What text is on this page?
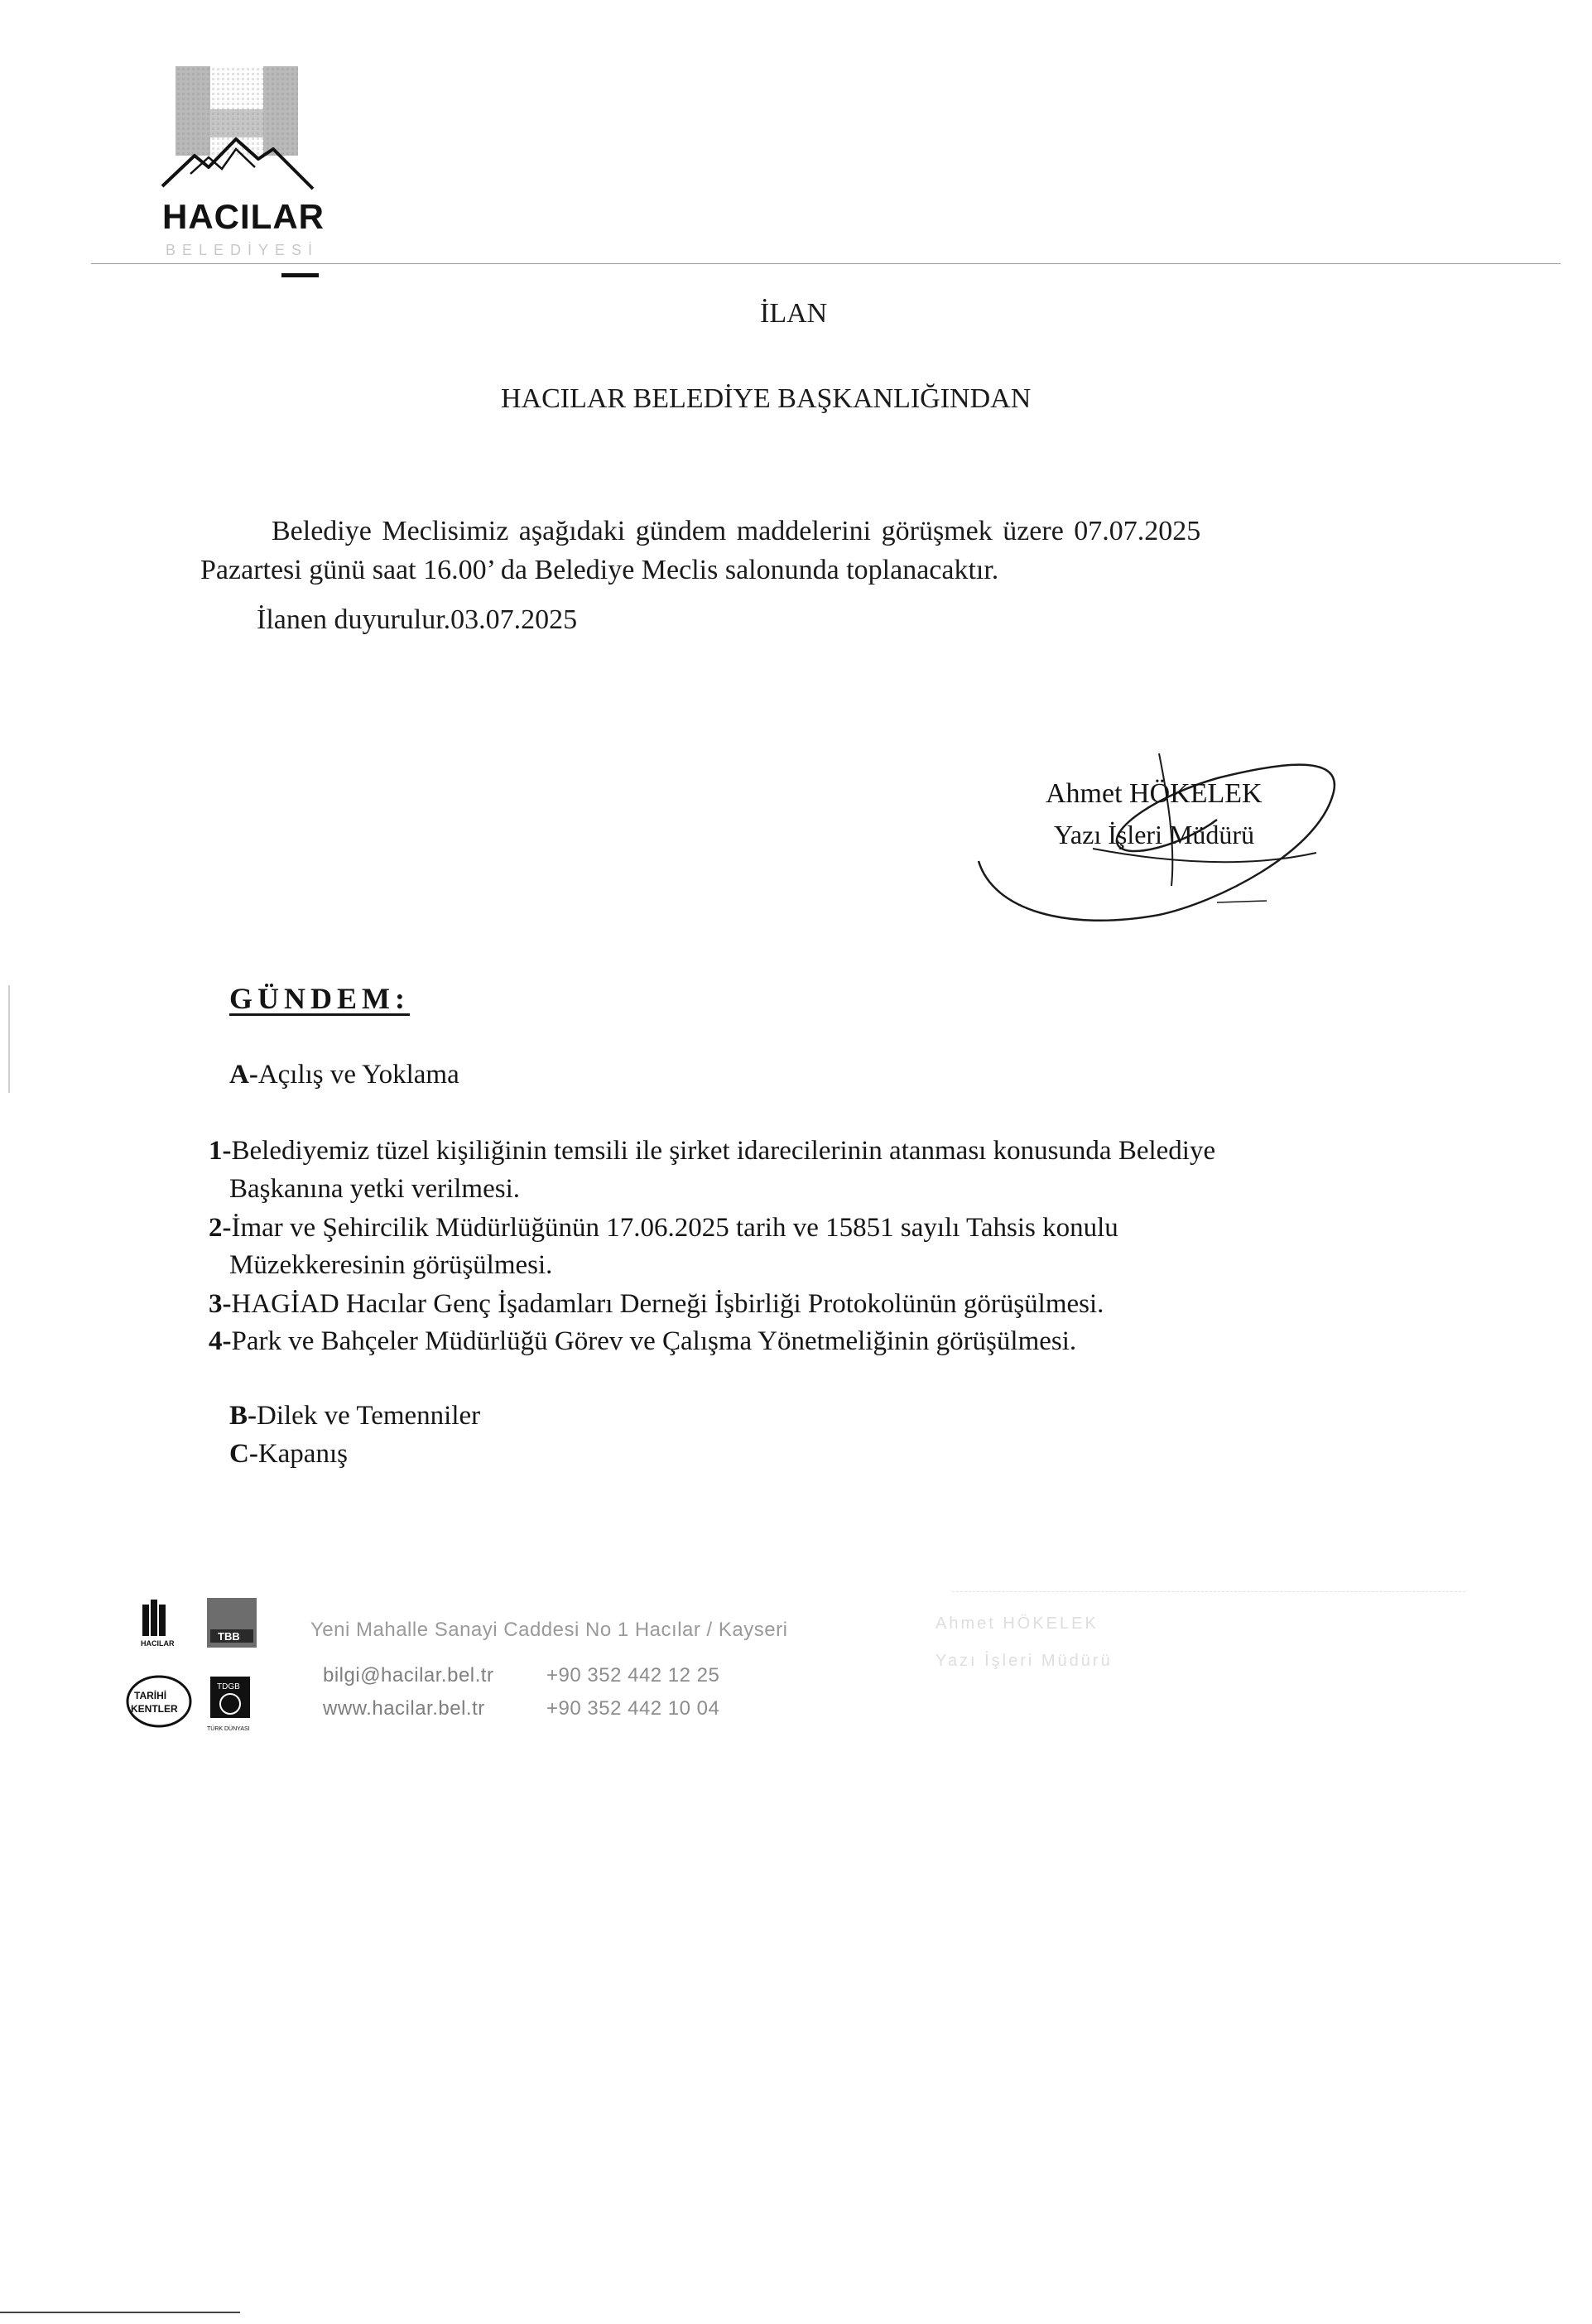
HACILAR
BELEDİYESİ
İLAN
HACILAR BELEDİYE BAŞKANLIĞINDAN
Belediye Meclisimiz aşağıdaki gündem maddelerini görüşmek üzere 07.07.2025
Pazartesi günü saat 16.00’ da Belediye Meclis salonunda toplanacaktır.
İlanen duyurulur.03.07.2025
Ahmet HÖKELEK
Yazı İşleri Müdürü
GÜNDEM:
A-Açılış ve Yoklama
1-Belediyemiz tüzel kişiliğinin temsili ile şirket idarecilerinin atanması konusunda Belediye
Başkanına yetki verilmesi.
2-İmar ve Şehircilik Müdürlüğünün 17.06.2025 tarih ve 15851 sayılı Tahsis konulu
Müzekkeresinin görüşülmesi.
3-HAGİAD Hacılar Genç İşadamları Derneği İşbirliği Protokolünün görüşülmesi.
4-Park ve Bahçeler Müdürlüğü Görev ve Çalışma Yönetmeliğinin görüşülmesi.
B-Dilek ve Temenniler
C-Kapanış
HACILAR
TBB
TARİHİ
KENTLER
TDGB
TÜRK DÜNYASI
Yeni Mahalle Sanayi Caddesi No 1 Hacılar / Kayseri
bilgi@hacilar.bel.tr
www.hacilar.bel.tr
+90 352 442 12 25
+90 352 442 10 04
Ahmet HÖKELEK
Yazı İşleri Müdürü
